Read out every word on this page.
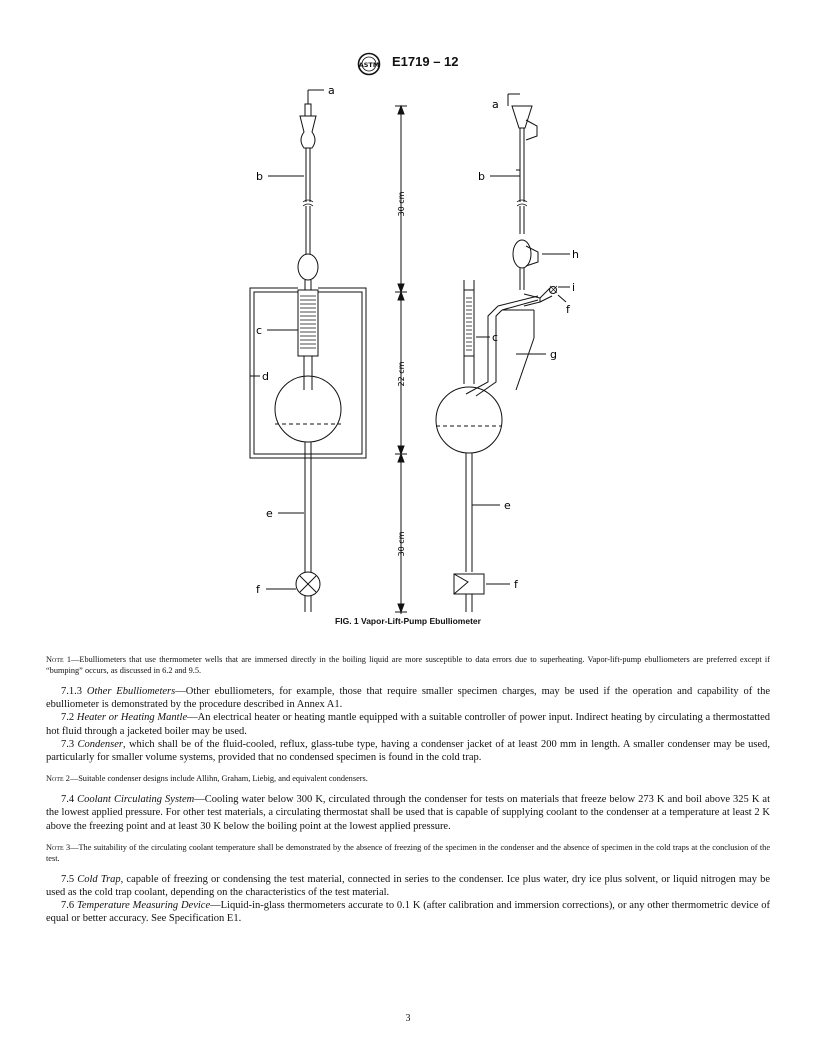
ASTM E1719 – 12
a
b
c
d
e
f
30 cm
22 cm
30 cm
a
b
h
i
f
c
g
e
f
FIG. 1 Vapor-Lift-Pump Ebulliometer

Note 1—Ebulliometers that use thermometer wells that are immersed directly in the boiling liquid are more susceptible to data errors due to superheating. Vapor-lift-pump ebulliometers are preferred except if “bumping” occurs, as discussed in 6.2 and 9.5.

7.1.3 Other Ebulliometers—Other ebulliometers, for example, those that require smaller specimen charges, may be used if the operation and capability of the ebulliometer is demonstrated by the procedure described in Annex A1.

7.2 Heater or Heating Mantle—An electrical heater or heating mantle equipped with a suitable controller of power input. Indirect heating by circulating a thermostatted hot fluid through a jacketed boiler may be used.

7.3 Condenser, which shall be of the fluid-cooled, reflux, glass-tube type, having a condenser jacket of at least 200 mm in length. A smaller condenser may be used, particularly for smaller volume systems, provided that no condensed specimen is found in the cold trap.

Note 2—Suitable condenser designs include Allihn, Graham, Liebig, and equivalent condensers.

7.4 Coolant Circulating System—Cooling water below 300 K, circulated through the condenser for tests on materials that freeze below 273 K and boil above 325 K at the lowest applied pressure. For other test materials, a circulating thermostat shall be used that is capable of supplying coolant to the condenser at a temperature at least 2 K above the freezing point and at least 30 K below the boiling point at the lowest applied pressure.

Note 3—The suitability of the circulating coolant temperature shall be demonstrated by the absence of freezing of the specimen in the condenser and the absence of specimen in the cold traps at the conclusion of the test.

7.5 Cold Trap, capable of freezing or condensing the test material, connected in series to the condenser. Ice plus water, dry ice plus solvent, or liquid nitrogen may be used as the cold trap coolant, depending on the characteristics of the test material.

7.6 Temperature Measuring Device—Liquid-in-glass thermometers accurate to 0.1 K (after calibration and immersion corrections), or any other thermometric device of equal or better accuracy. See Specification E1.

3
